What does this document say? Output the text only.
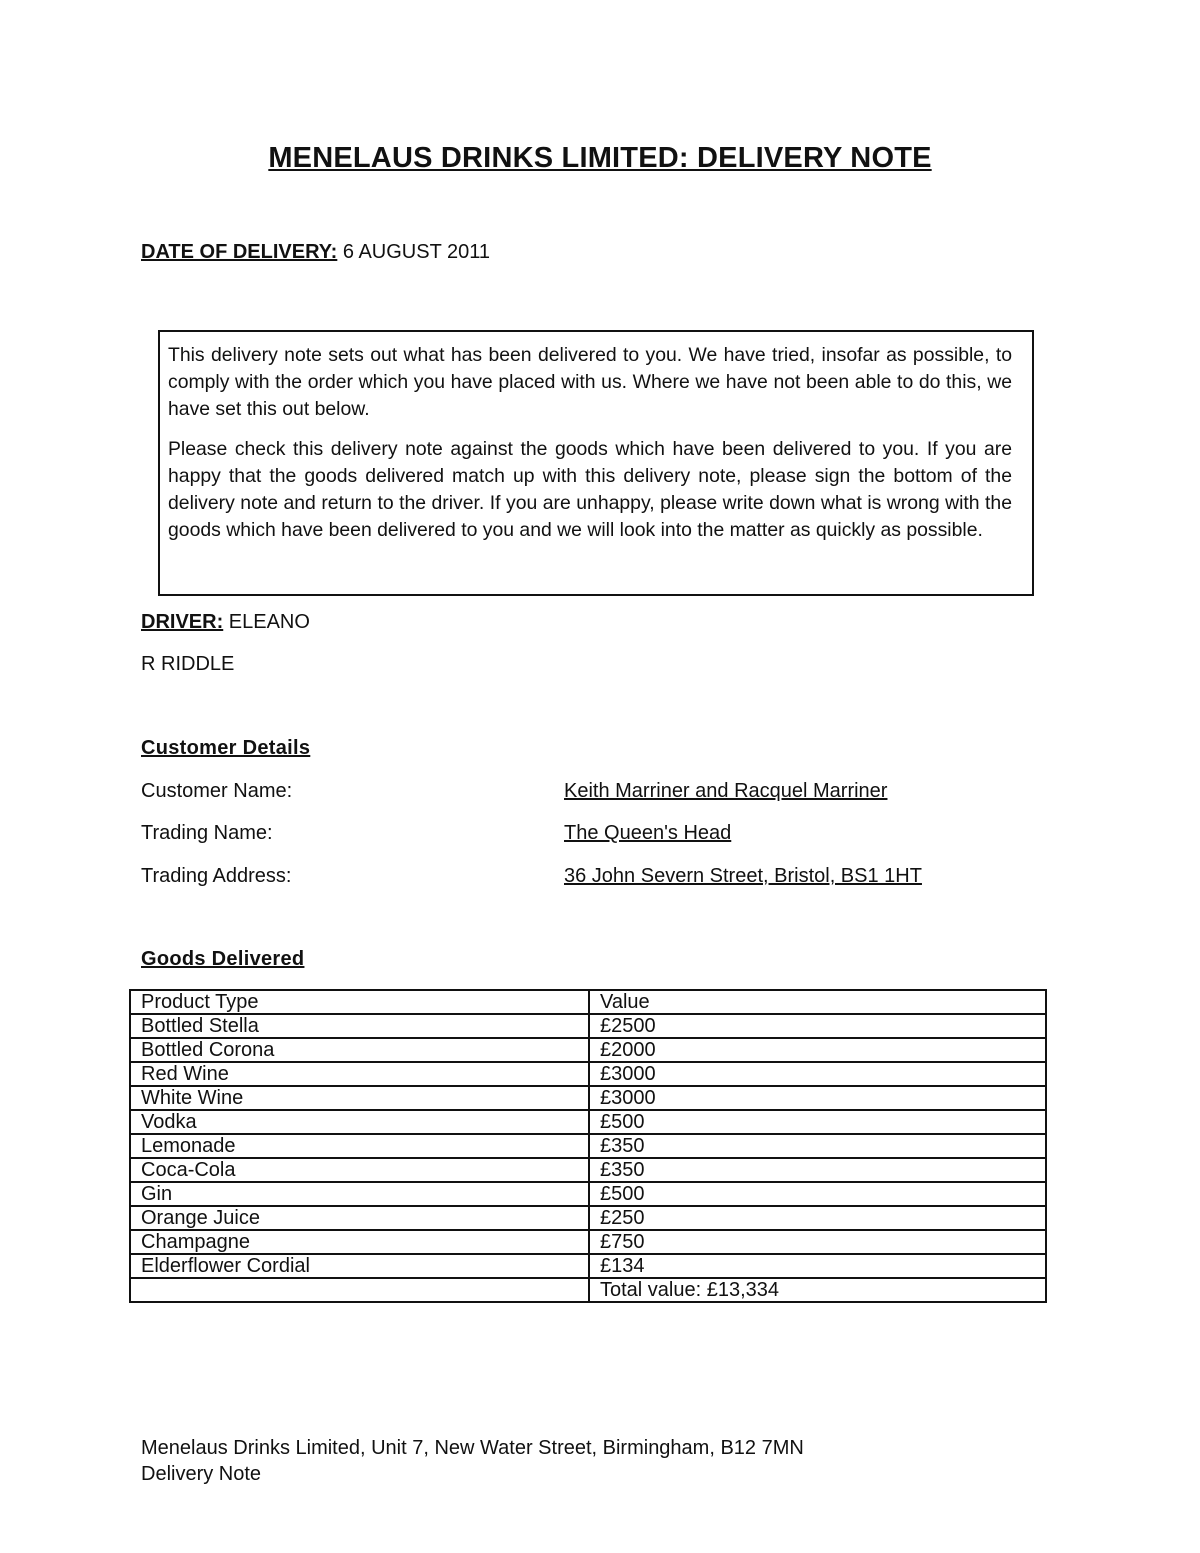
MENELAUS DRINKS LIMITED: DELIVERY NOTE
DATE OF DELIVERY: 6 AUGUST 2011

This delivery note sets out what has been delivered to you. We have tried, insofar as possible, to comply with the order which you have placed with us. Where we have not been able to do this, we have set this out below.

Please check this delivery note against the goods which have been delivered to you. If you are happy that the goods delivered match up with this delivery note, please sign the bottom of the delivery note and return to the driver. If you are unhappy, please write down what is wrong with the goods which have been delivered to you and we will look into the matter as quickly as possible.

DRIVER: ELEANO
R RIDDLE
Customer Details
Customer Name:	Keith Marriner and Racquel Marriner
Trading Name:	The Queen's Head
Trading Address:	36 John Severn Street, Bristol, BS1 1HT
Goods Delivered
Product Type	Value
Bottled Stella	£2500
Bottled Corona	£2000
Red Wine	£3000
White Wine	£3000
Vodka	£500
Lemonade	£350
Coca-Cola	£350
Gin	£500
Orange Juice	£250
Champagne	£750
Elderflower Cordial	£134
	Total value: £13,334
Menelaus Drinks Limited, Unit 7, New Water Street, Birmingham, B12 7MN
Delivery Note
